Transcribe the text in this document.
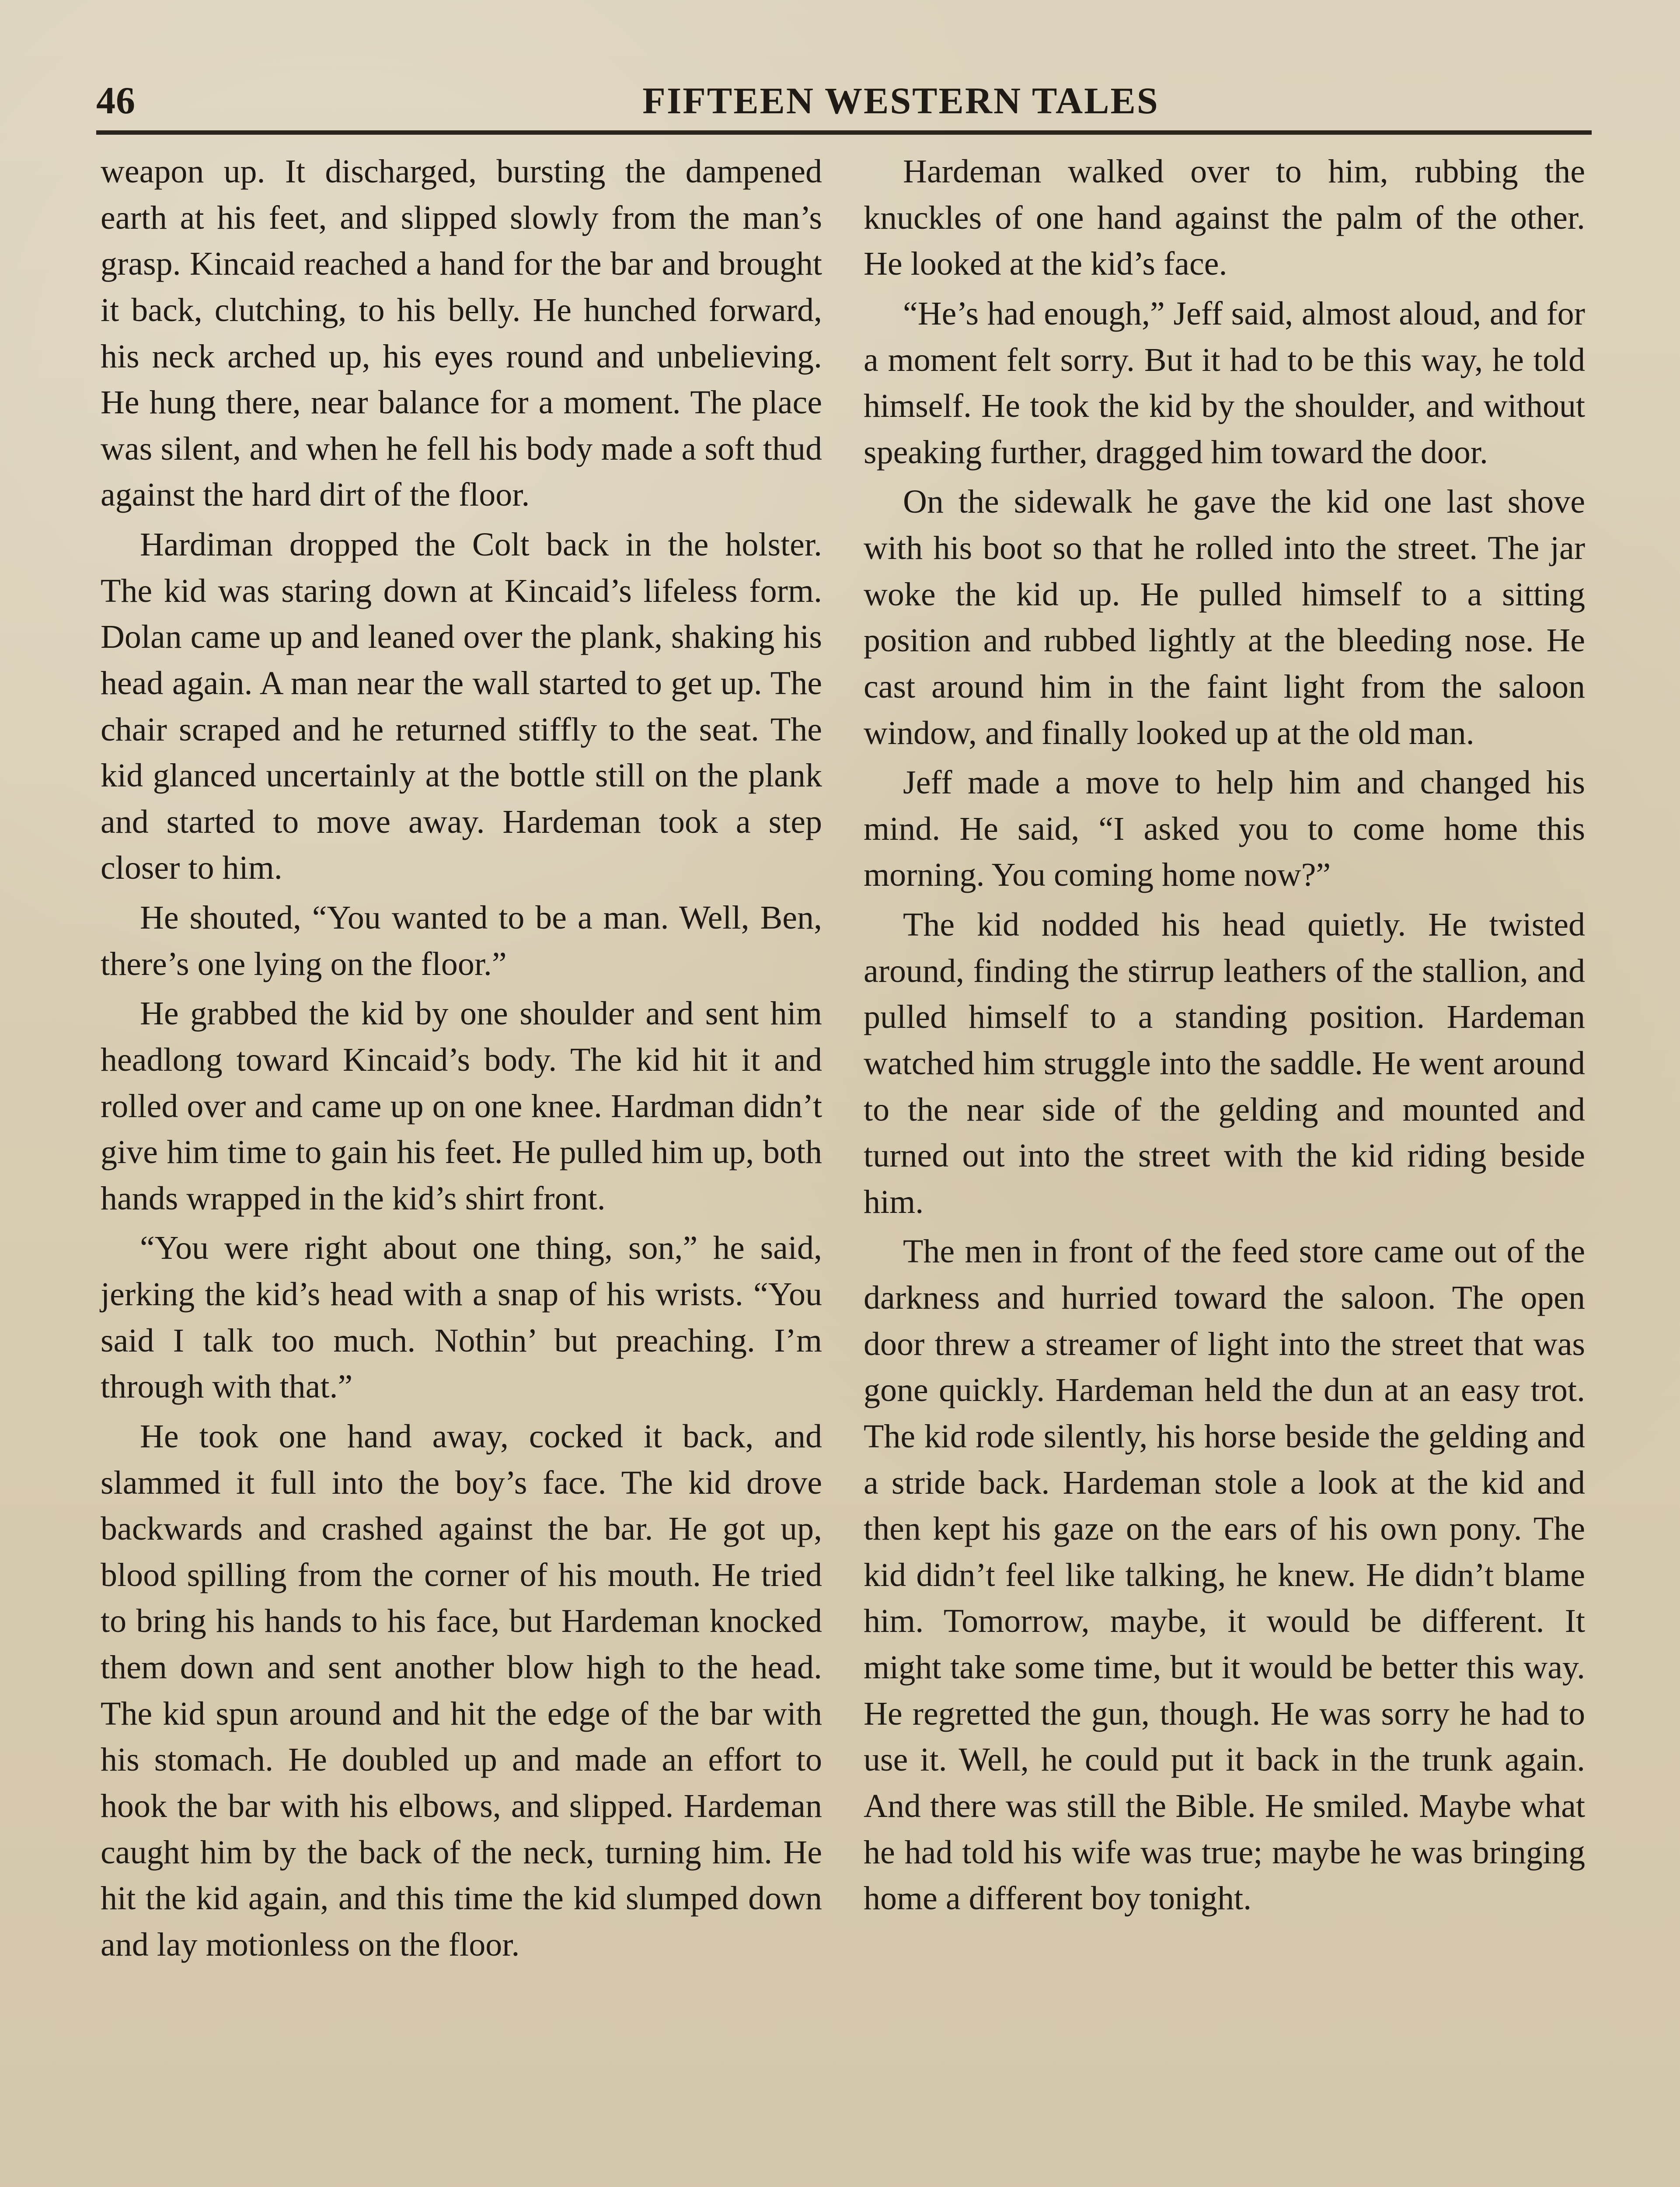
46	FIFTEEN WESTERN TALES

weapon up. It discharged, bursting the dampened earth at his feet, and slipped slowly from the man’s grasp. Kincaid reached a hand for the bar and brought it back, clutching, to his belly. He hunched forward, his neck arched up, his eyes round and unbelieving. He hung there, near balance for a moment. The place was silent, and when he fell his body made a soft thud against the hard dirt of the floor.

Hardiman dropped the Colt back in the holster. The kid was staring down at Kincaid’s lifeless form. Dolan came up and leaned over the plank, shaking his head again. A man near the wall started to get up. The chair scraped and he returned stiffly to the seat. The kid glanced uncertainly at the bottle still on the plank and started to move away. Hardeman took a step closer to him.

He shouted, “You wanted to be a man. Well, Ben, there’s one lying on the floor.”

He grabbed the kid by one shoulder and sent him headlong toward Kincaid’s body. The kid hit it and rolled over and came up on one knee. Hardman didn’t give him time to gain his feet. He pulled him up, both hands wrapped in the kid’s shirt front.

“You were right about one thing, son,” he said, jerking the kid’s head with a snap of his wrists. “You said I talk too much. Nothin’ but preaching. I’m through with that.”

He took one hand away, cocked it back, and slammed it full into the boy’s face. The kid drove backwards and crashed against the bar. He got up, blood spilling from the corner of his mouth. He tried to bring his hands to his face, but Hardeman knocked them down and sent another blow high to the head. The kid spun around and hit the edge of the bar with his stomach. He doubled up and made an effort to hook the bar with his elbows, and slipped. Hardeman caught him by the back of the neck, turning him. He hit the kid again, and this time the kid slumped down and lay motionless on the floor.

Hardeman walked over to him, rubbing the knuckles of one hand against the palm of the other. He looked at the kid’s face.

“He’s had enough,” Jeff said, almost aloud, and for a moment felt sorry. But it had to be this way, he told himself. He took the kid by the shoulder, and without speaking further, dragged him toward the door.

On the sidewalk he gave the kid one last shove with his boot so that he rolled into the street. The jar woke the kid up. He pulled himself to a sitting position and rubbed lightly at the bleeding nose. He cast around him in the faint light from the saloon window, and finally looked up at the old man.

Jeff made a move to help him and changed his mind. He said, “I asked you to come home this morning. You coming home now?”

The kid nodded his head quietly. He twisted around, finding the stirrup leathers of the stallion, and pulled himself to a standing position. Hardeman watched him struggle into the saddle. He went around to the near side of the gelding and mounted and turned out into the street with the kid riding beside him.

The men in front of the feed store came out of the darkness and hurried toward the saloon. The open door threw a streamer of light into the street that was gone quickly. Hardeman held the dun at an easy trot. The kid rode silently, his horse beside the gelding and a stride back. Hardeman stole a look at the kid and then kept his gaze on the ears of his own pony. The kid didn’t feel like talking, he knew. He didn’t blame him. Tomorrow, maybe, it would be different. It might take some time, but it would be better this way. He regretted the gun, though. He was sorry he had to use it. Well, he could put it back in the trunk again. And there was still the Bible. He smiled. Maybe what he had told his wife was true; maybe he was bringing home a different boy tonight.
